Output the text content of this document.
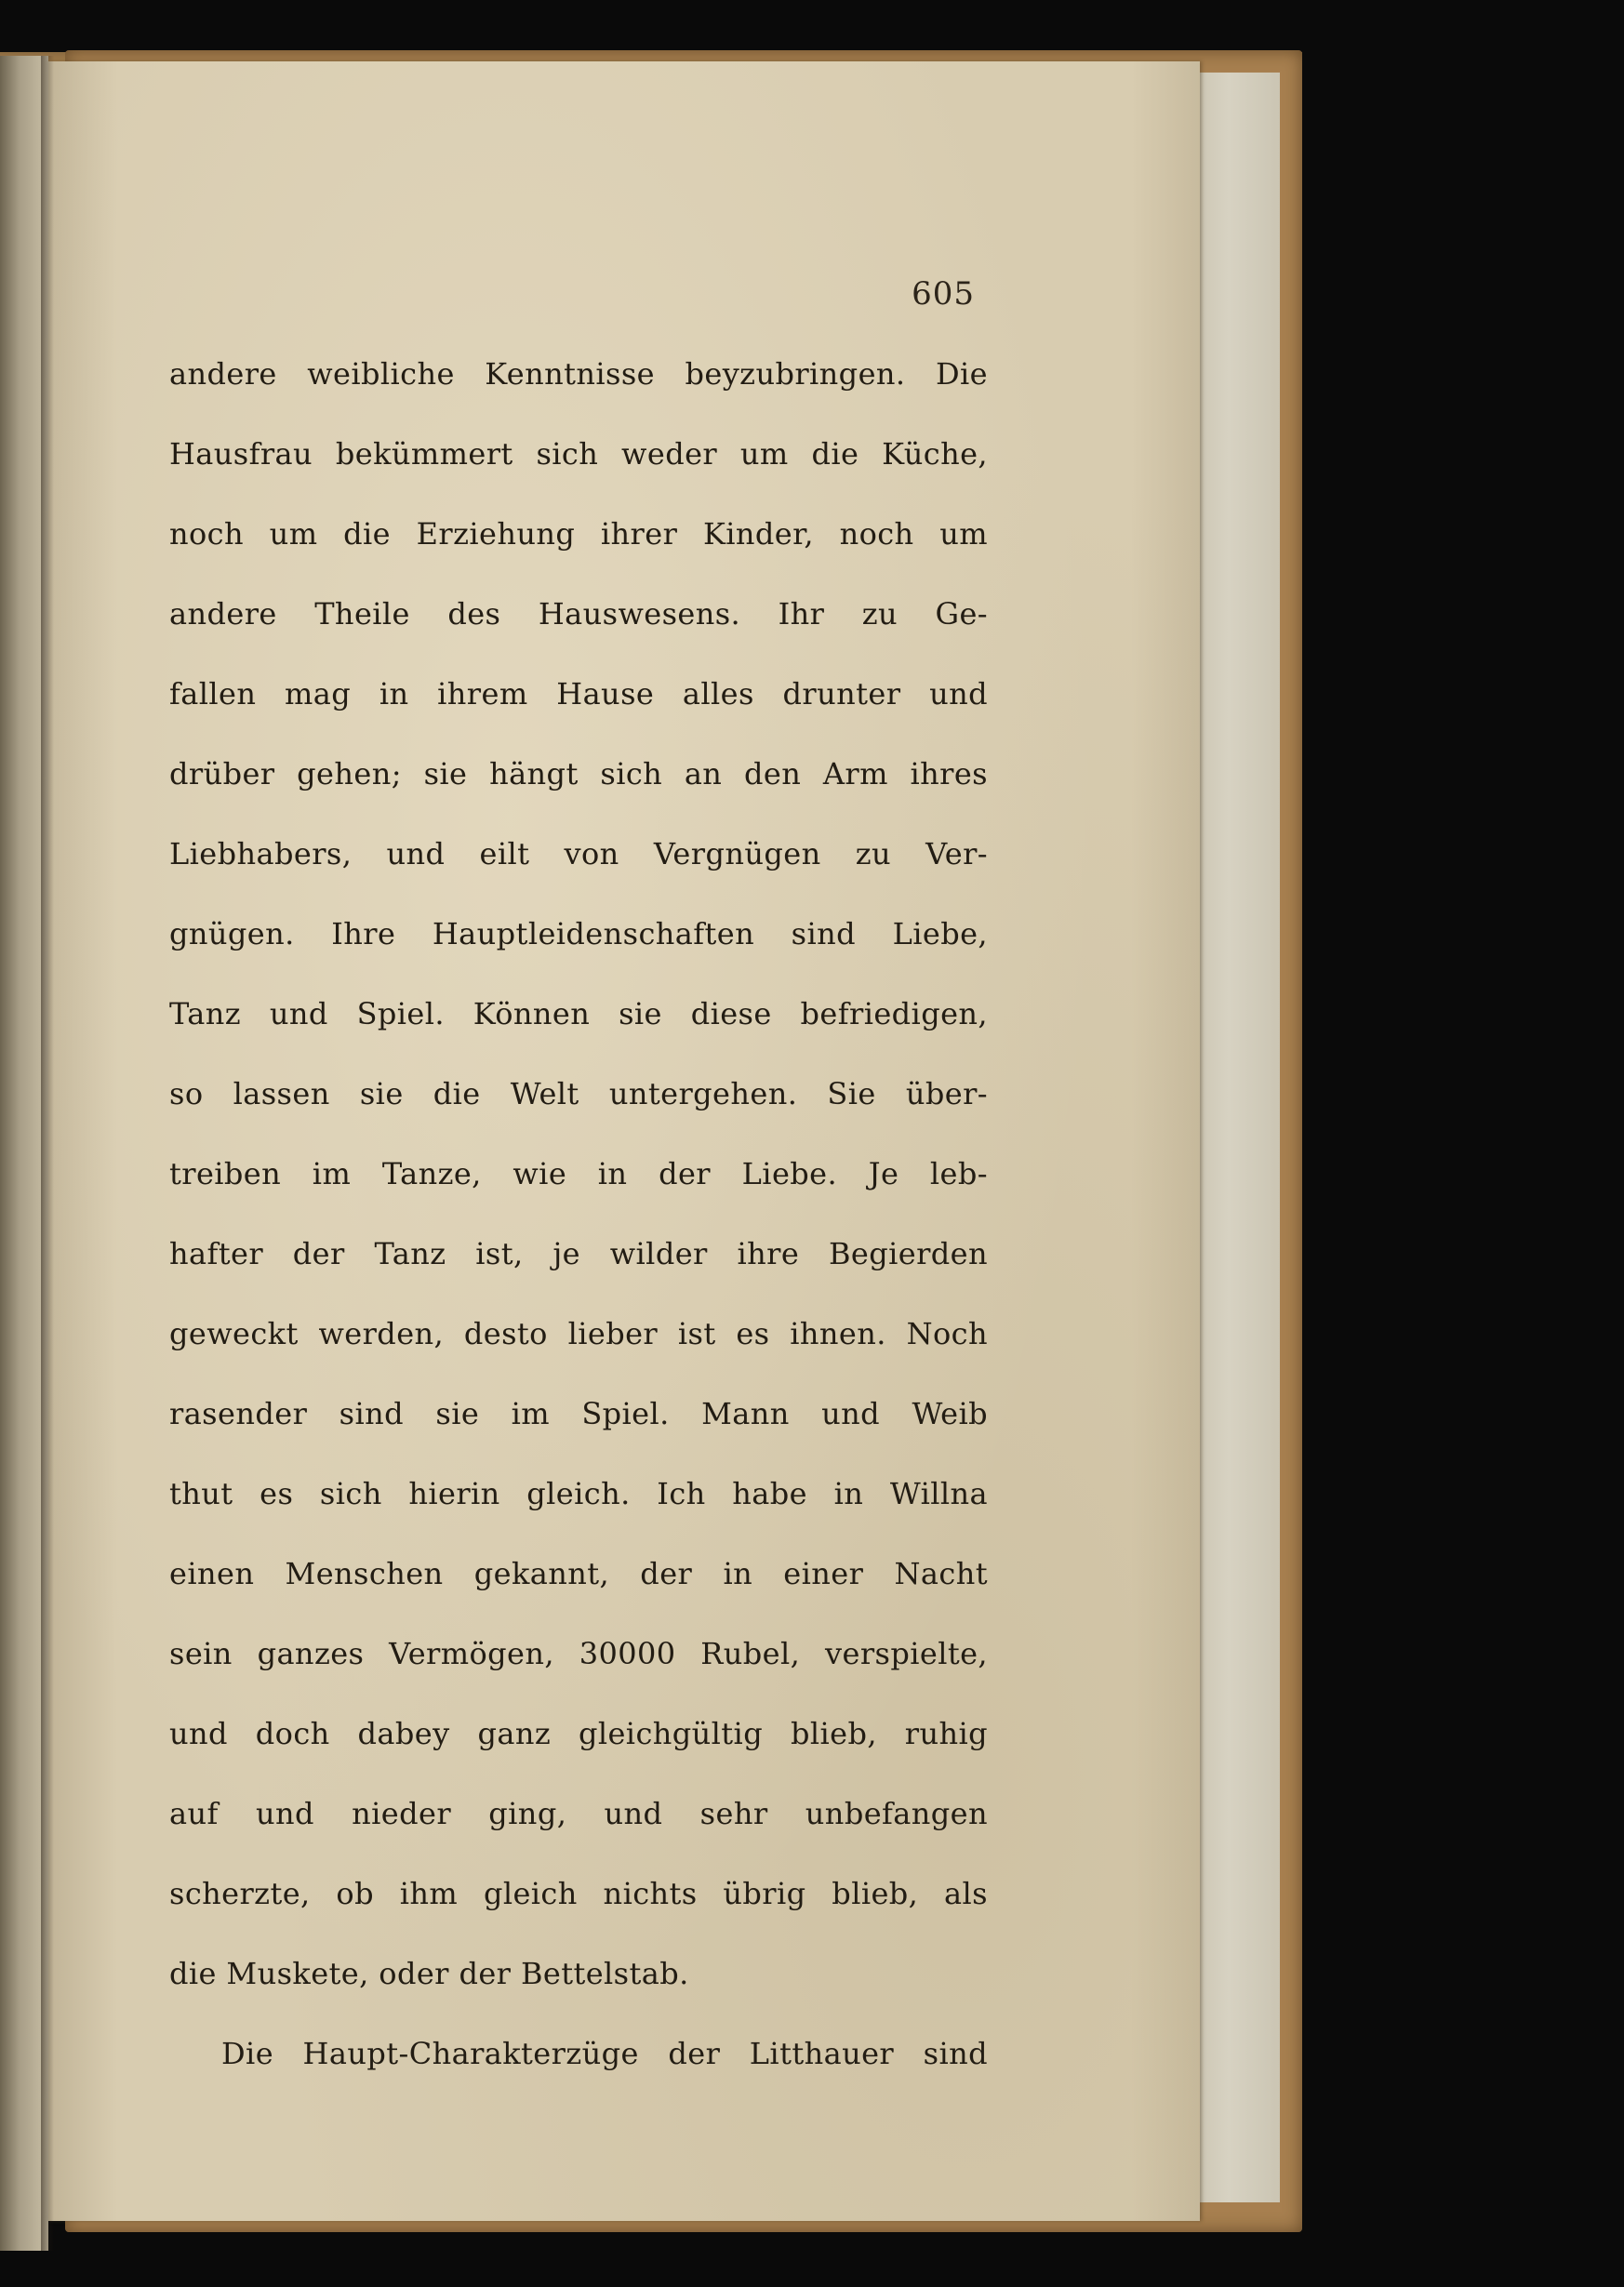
605
andere weibliche Kenntnisse beyzubringen. Die
Hausfrau bekümmert sich weder um die Küche,
noch um die Erziehung ihrer Kinder, noch um
andere Theile des Hauswesens. Ihr zu Ge-
fallen mag in ihrem Hause alles drunter und
drüber gehen; sie hängt sich an den Arm ihres
Liebhabers, und eilt von Vergnügen zu Ver-
gnügen. Ihre Hauptleidenschaften sind Liebe,
Tanz und Spiel. Können sie diese befriedigen,
so lassen sie die Welt untergehen. Sie über-
treiben im Tanze, wie in der Liebe. Je leb-
hafter der Tanz ist, je wilder ihre Begierden
geweckt werden, desto lieber ist es ihnen. Noch
rasender sind sie im Spiel. Mann und Weib
thut es sich hierin gleich. Ich habe in Willna
einen Menschen gekannt, der in einer Nacht
sein ganzes Vermögen, 30000 Rubel, verspielte,
und doch dabey ganz gleichgültig blieb, ruhig
auf und nieder ging, und sehr unbefangen
scherzte, ob ihm gleich nichts übrig blieb, als
die Muskete, oder der Bettelstab.
Die Haupt-Charakterzüge der Litthauer sind
